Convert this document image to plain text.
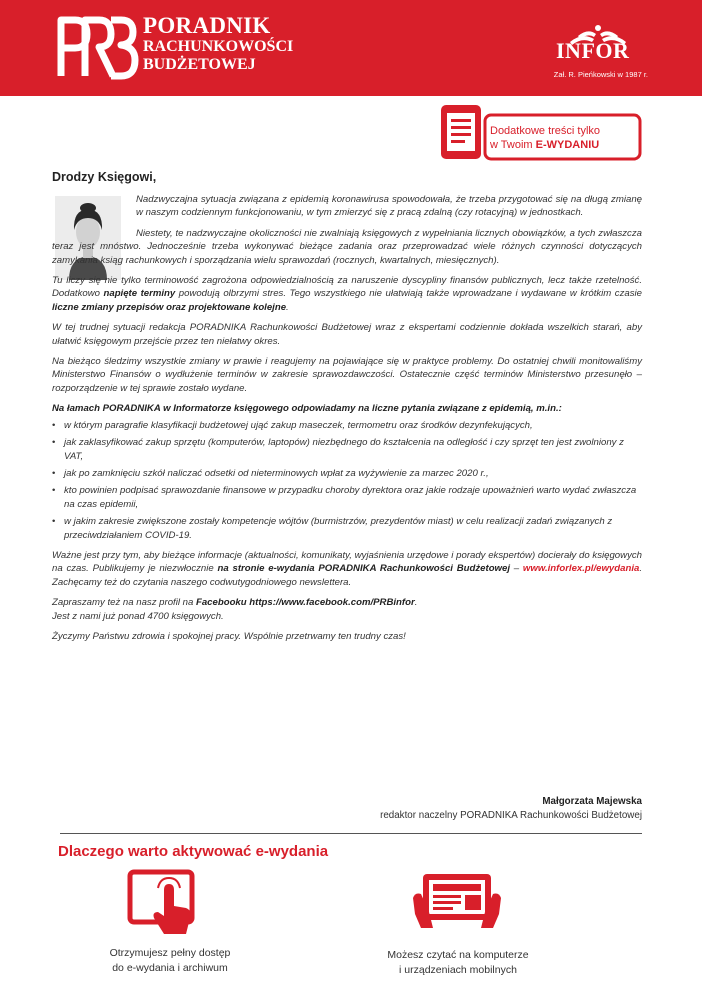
PORADNIK
RACHUNKOWOŚCI
BUDŻETOWEJ
INFOR
Zał. R. Pieńkowski w 1987 r.
Dodatkowe treści tylko
w Twoim E-WYDANIU
Drodzy Księgowi,

Nadzwyczajna sytuacja związana z epidemią koronawirusa spowodowała, że trzeba przygotować się na długą zmianę w naszym codziennym funkcjonowaniu, w tym zmierzyć się z pracą zdalną (czy rotacyjną) w jednostkach.

Niestety, te nadzwyczajne okoliczności nie zwalniają księgowych z wypełniania licznych obowiązków, a tych zwłaszcza teraz jest mnóstwo. Jednocześnie trzeba wykonywać bieżące zadania oraz przeprowadzać wiele różnych czynności dotyczących zamykania ksiąg rachunkowych i sporządzania wielu sprawozdań (rocznych, kwartalnych, miesięcznych).

Tu liczy się nie tylko terminowość zagrożona odpowiedzialnością za naruszenie dyscypliny finansów publicznych, lecz także rzetelność. Dodatkowo napięte terminy powodują olbrzymi stres. Tego wszystkiego nie ułatwiają także wprowadzane i wydawane w krótkim czasie liczne zmiany przepisów oraz projektowane kolejne.

W tej trudnej sytuacji redakcja PORADNIKA Rachunkowości Budżetowej wraz z ekspertami codziennie dokłada wszelkich starań, aby ułatwić księgowym przejście przez ten niełatwy okres.

Na bieżąco śledzimy wszystkie zmiany w prawie i reagujemy na pojawiające się w praktyce problemy. Do ostatniej chwili monitowaliśmy Ministerstwo Finansów o wydłużenie terminów w zakresie sprawozdawczości. Ostatecznie część terminów Ministerstwo przesunęło – rozporządzenie w tej sprawie zostało wydane.

Na łamach PORADNIKA w Informatorze księgowego odpowiadamy na liczne pytania związane z epidemią, m.in.:

• w którym paragrafie klasyfikacji budżetowej ująć zakup maseczek, termometru oraz środków dezynfekujących,
• jak zaklasyfikować zakup sprzętu (komputerów, laptopów) niezbędnego do kształcenia na odległość i czy sprzęt ten jest zwolniony z VAT,
• jak po zamknięciu szkół naliczać odsetki od nieterminowych wpłat za wyżywienie za marzec 2020 r.,
• kto powinien podpisać sprawozdanie finansowe w przypadku choroby dyrektora oraz jakie rodzaje upoważnień warto wydać zwłaszcza na czas epidemii,
• w jakim zakresie zwiększone zostały kompetencje wójtów (burmistrzów, prezydentów miast) w celu realizacji zadań związanych z przeciwdziałaniem COVID-19.

Ważne jest przy tym, aby bieżące informacje (aktualności, komunikaty, wyjaśnienia urzędowe i porady ekspertów) docierały do księgowych na czas. Publikujemy je niezwłocznie na stronie e-wydania PORADNIKA Rachunkowości Budżetowej – www.inforlex.pl/ewydania. Zachęcamy też do czytania naszego codwutygodniowego newslettera.

Zapraszamy też na nasz profil na Facebooku https://www.facebook.com/PRBinfor.
Jest z nami już ponad 4700 księgowych.

Życzymy Państwu zdrowia i spokojnej pracy. Wspólnie przetrwamy ten trudny czas!

Małgorzata Majewska
redaktor naczelny PORADNIKA Rachunkowości Budżetowej
Dlaczego warto aktywować e-wydania
Otrzymujesz pełny dostęp
do e-wydania i archiwum
Możesz czytać na komputerze
i urządzeniach mobilnych
